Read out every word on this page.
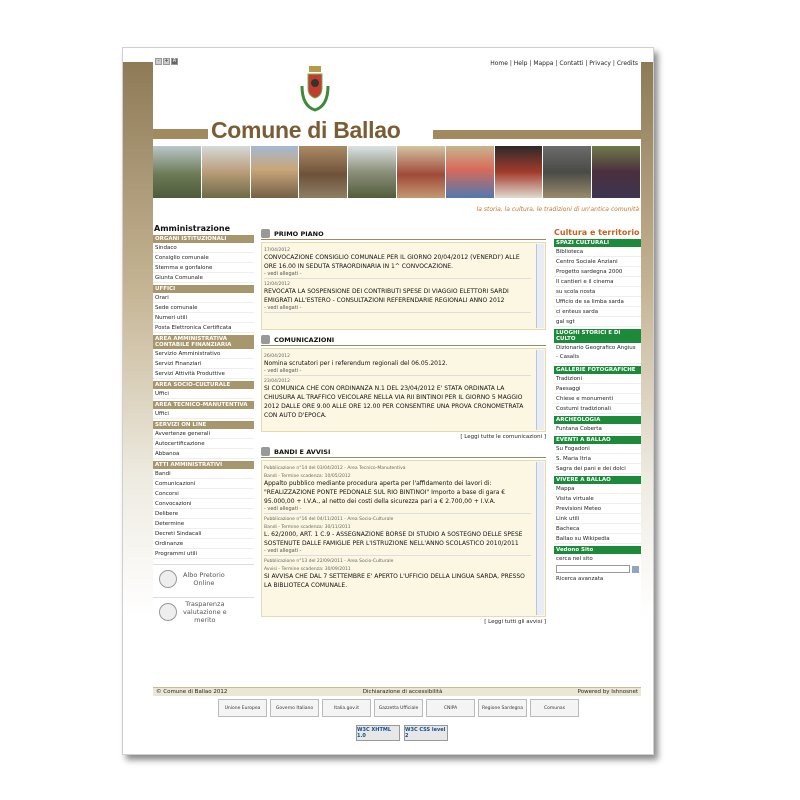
- + A	Home | Help | Mappa | Contatti | Privacy | Credits
Comune di Ballao
la storia, la cultura, le tradizioni di un'antica comunità
Amministrazione
ORGANI ISTITUZIONALI
Sindaco
Consiglio comunale
Stemma e gonfalone
Giunta Comunale
UFFICI
Orari
Sede comunale
Numeri utili
Posta Elettronica Certificata
AREA AMMINISTRATIVA CONTABILE FINANZIARIA
Servizio Amministrativo
Servizi Finanziari
Servizi Attività Produttive
AREA SOCIO-CULTURALE
Uffici
AREA TECNICO-MANUTENTIVA
Uffici
SERVIZI ON LINE
Avvertenze generali
Autocertificazione
Abbanoa
ATTI AMMINISTRATIVI
Bandi
Comunicazioni
Concorsi
Convocazioni
Delibere
Determine
Decreti Sindacali
Ordinanze
Programmi utili
Albo Pretorio
Online
Trasparenza
valutazione e
merito
PRIMO PIANO
17/04/2012
CONVOCAZIONE CONSIGLIO COMUNALE PER IL GIORNO 20/04/2012 (VENERDI') ALLE ORE 16.00 IN SEDUTA STRAORDINARIA IN 1^ CONVOCAZIONE.
- vedi allegati -
12/04/2012
REVOCATA LA SOSPENSIONE DEI CONTRIBUTI SPESE DI VIAGGIO ELETTORI SARDI EMIGRATI ALL'ESTERO - CONSULTAZIONI REFERENDARIE REGIONALI ANNO 2012
- vedi allegati -
COMUNICAZIONI
26/04/2012
Nomina scrutatori per i referendum regionali del 06.05.2012.
- vedi allegati -
23/04/2012
SI COMUNICA CHE CON ORDINANZA N.1 DEL 23/04/2012 E' STATA ORDINATA LA CHIUSURA AL TRAFFICO VEICOLARE NELLA VIA RII BINTINOI PER IL GIORNO 5 MAGGIO 2012 DALLE ORE 9.00 ALLE ORE 12.00 PER CONSENTIRE UNA PROVA CRONOMETRATA CON AUTO D'EPOCA.
[ Leggi tutte le comunicazioni ]
BANDI E AVVISI
Pubblicazione n°14 del 03/04/2012 - Area Tecnico-Manutentiva
Bandi - Termine scadenza: 10/05/2012
Appalto pubblico mediante procedura aperta per l'affidamento dei lavori di: "REALIZZAZIONE PONTE PEDONALE SUL RIO BINTINOI" Importo a base di gara € 95.000,00 + I.V.A., al netto dei costi della sicurezza pari a € 2.700,00 + I.V.A.
- vedi allegati -
Pubblicazione n°16 del 04/11/2011 - Area Socio-Culturale
Bandi - Termine scadenza: 30/11/2011
L. 62/2000, ART. 1 C.9 - ASSEGNAZIONE BORSE DI STUDIO A SOSTEGNO DELLE SPESE SOSTENUTE DALLE FAMIGLIE PER L'ISTRUZIONE NELL'ANNO SCOLASTICO 2010/2011
- vedi allegati -
Pubblicazione n°13 del 22/09/2011 - Area Socio-Culturale
Avvisi - Termine scadenza: 30/09/2011
SI AVVISA CHE DAL 7 SETTEMBRE E' APERTO L'UFFICIO DELLA LINGUA SARDA, PRESSO LA BIBLIOTECA COMUNALE.
[ Leggi tutti gli avvisi ]
Cultura e territorio
SPAZI CULTURALI
Biblioteca
Centro Sociale Anziani
Progetto sardegna 2000
Il cantieri e il cinema
su scola nosta
Ufficio de sa limba sarda
ci enteus sarda
gal sgt
LUOGHI STORICI E DI CULTO
Dizionario Geografico Angius - Casalis
GALLERIE FOTOGRAFICHE
Tradizioni
Paesaggi
Chiese e monumenti
Costumi tradizionali
ARCHEOLOGIA
Funtana Coberta
EVENTI A BALLAO
Su Fogadoni
S. Maria Itria
Sagra dei pani e dei dolci
VIVERE A BALLAO
Mappa
Visita virtuale
Previsioni Meteo
Link utili
Bacheca
Ballao su Wikipedia
Vedono Sito
cerca nel sito
Ricerca avanzata
© Comune di Ballao 2012	Dichiarazione di accessibilità	Powered by Ishnosnet
Unione Europea	Governo Italiano	Italia.gov.it	Gazzetta Ufficiale	CNIPA	Regione Sardegna	Comunas
W3C XHTML 1.0
W3C CSS level 2
